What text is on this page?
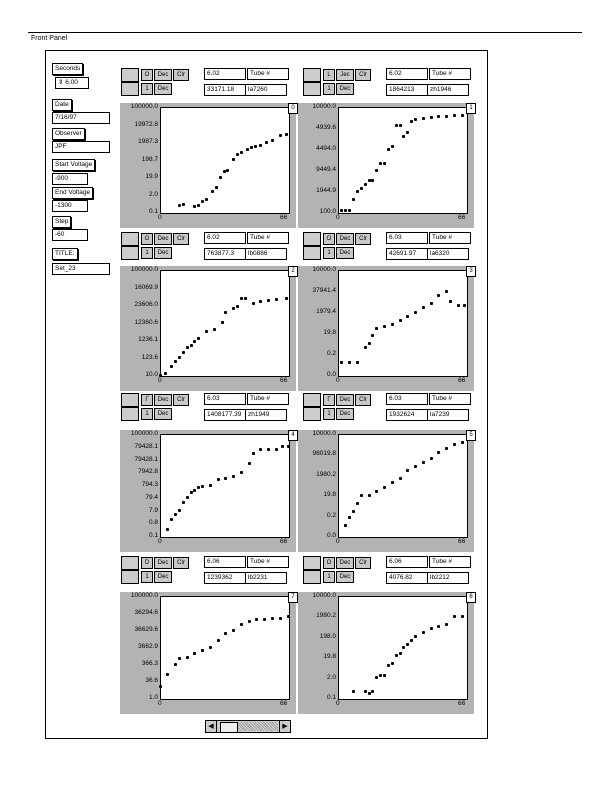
Front Panel
Seconds
⇕ 6.00
Date
7/16/97
Observer
JPF
Start Voltage
-900
End Voltage
-1300
Step
-60
TITLE:
Set_23
O	Dec	Clr
1	Dec
6.02	Tube #
33171.18	la7260
100000.0
19972.8
1987.3
198.7
19.9
2.0
0.1
0	66
0
L	Jec	Clr
1	Dec
6.02	Tube #
1864213	zh1946
10000.0
4939.6
4494.0
9449.4
1944.9
100.0
0	66
1
O	Dec	Clr
1	Dec
6.02	Tube #
763877.3	lb0886
100000.0
16069.9
23606.0
12360.6
1236.1
123.6
10.0
0	66
2
O	Dec	Clr
1	Dec
6.03	Tube #
42691.97	la6320
10000.0
37941.4
1979.4
19.8
0.2
0.0
0	66
3
Γ	Dec	Clr
1	Dec
6.03	Tube #
1408177.39	zh1949
100000.0
79428.1
79428.1
7942.8
794.3
79.4
7.9
0.8
0.1
0	66
4
Γ	Dec	Clr
1	Dec
6.03	Tube #
1932624	la7239
10000.0
98019.8
1980.2
19.8
0.2
0.0
0	66
5
D	Dec	Clr
1	Dec
6.06	Tube #
1239362	lb2231
100000.0
36294.6
36629.6
3662.9
366.3
36.6
1.0
0	66
7
O	Dec	Clr
1	Dec
6.06	Tube #
4076.82	lb2212
10000.0
1980.2
198.0
19.8
2.0
0.1
0	66
8
◀	▶
